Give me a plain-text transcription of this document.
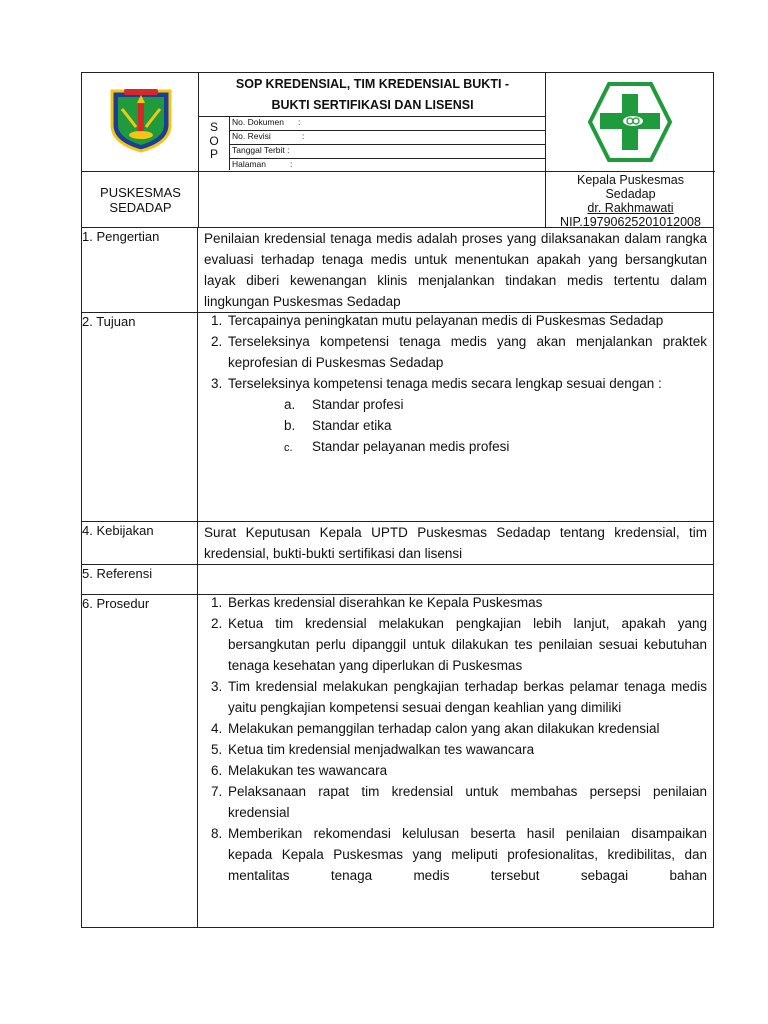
SOP KREDENSIAL, TIM KREDENSIAL BUKTI -
BUKTI SERTIFIKASI DAN LISENSI
S
O
P
No. Dokumen :
No. Revisi	:
Tanggal Terbit :
Halaman	:
PUSKESMAS
SEDADAP
Kepala Puskesmas
Sedadap
dr. Rakhmawati
NIP.19790625201012008
1. Pengertian	Penilaian kredensial tenaga medis adalah proses yang dilaksanakan dalam rangka evaluasi terhadap tenaga medis untuk menentukan apakah yang bersangkutan layak diberi kewenangan klinis menjalankan tindakan medis tertentu dalam lingkungan Puskesmas Sedadap
2. Tujuan	1. Tercapainya peningkatan mutu pelayanan medis di Puskesmas Sedadap
2. Terseleksinya kompetensi tenaga medis yang akan menjalankan praktek keprofesian di Puskesmas Sedadap
3. Terseleksinya kompetensi tenaga medis secara lengkap sesuai dengan :
a. Standar profesi
b. Standar etika
c. Standar pelayanan medis profesi
4. Kebijakan	Surat Keputusan Kepala UPTD Puskesmas Sedadap tentang kredensial, tim kredensial, bukti-bukti sertifikasi dan lisensi
5. Referensi
6. Prosedur	1. Berkas kredensial diserahkan ke Kepala Puskesmas
2. Ketua tim kredensial melakukan pengkajian lebih lanjut, apakah yang bersangkutan perlu dipanggil untuk dilakukan tes penilaian sesuai kebutuhan tenaga kesehatan yang diperlukan di Puskesmas
3. Tim kredensial melakukan pengkajian terhadap berkas pelamar tenaga medis yaitu pengkajian kompetensi sesuai dengan keahlian yang dimiliki
4. Melakukan pemanggilan terhadap calon yang akan dilakukan kredensial
5. Ketua tim kredensial menjadwalkan tes wawancara
6. Melakukan tes wawancara
7. Pelaksanaan rapat tim kredensial untuk membahas persepsi penilaian kredensial
8. Memberikan rekomendasi kelulusan beserta hasil penilaian disampaikan kepada Kepala Puskesmas yang meliputi profesionalitas, kredibilitas, dan mentalitas tenaga medis tersebut sebagai bahan
